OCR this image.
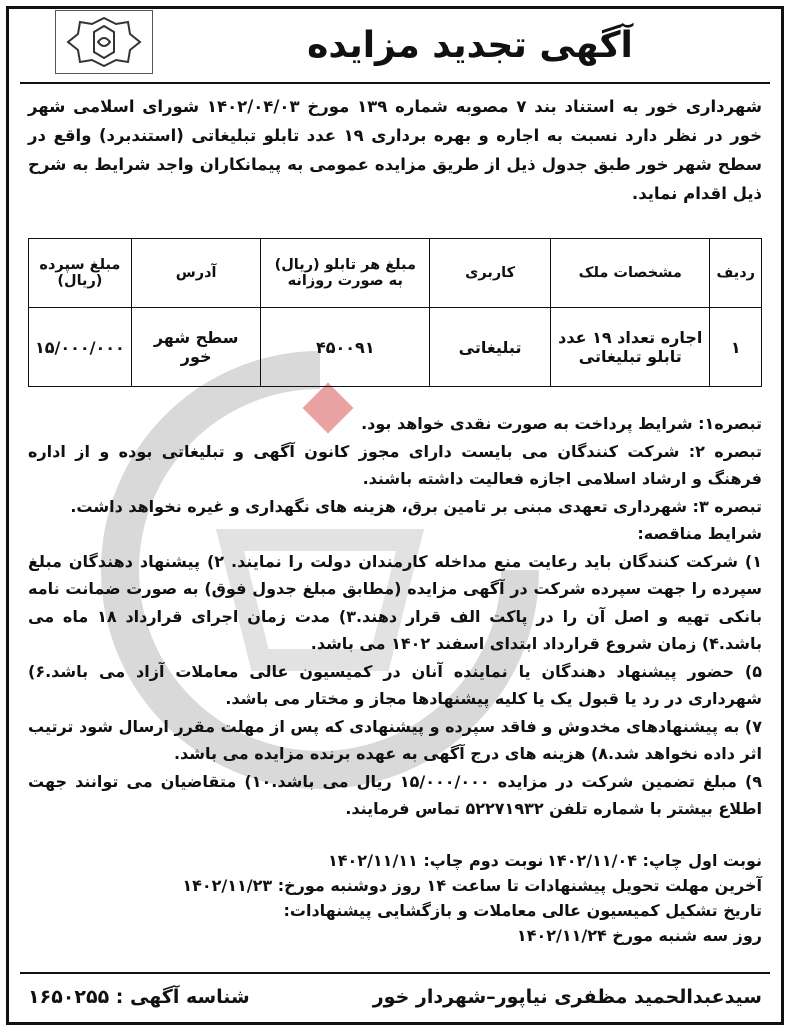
آگهی تجدید مزایده

شهرداری خور به استناد بند ۷ مصوبه شماره ۱۳۹ مورخ ۱۴۰۲/۰۴/۰۳ شورای اسلامی شهر خور در نظر دارد نسبت به اجاره و بهره برداری ۱۹ عدد تابلو تبلیغاتی (استندبرد) واقع در سطح شهر خور طبق جدول ذیل از طریق مزایده عمومی به پیمانکاران واجد شرایط به شرح ذیل اقدام نماید.

ردیف	مشخصات ملک	کاربری	مبلغ هر تابلو (ریال) به صورت روزانه	آدرس	مبلغ سپرده (ریال)
۱	اجاره تعداد ۱۹ عدد تابلو تبلیغاتی	تبلیغاتی	۴۵۰۰۹۱	سطح شهر خور	۱۵/۰۰۰/۰۰۰

تبصره۱: شرایط پرداخت به صورت نقدی خواهد بود.

تبصره ۲: شرکت کنندگان می بایست دارای مجوز کانون آگهی و تبلیغاتی بوده و از اداره فرهنگ و ارشاد اسلامی اجازه فعالیت داشته باشند.

تبصره ۳: شهرداری تعهدی مبنی بر تامین برق، هزینه های نگهداری و غیره نخواهد داشت.

شرایط مناقصه:

۱) شرکت کنندگان باید رعایت منع مداخله کارمندان دولت را نمایند. ۲) پیشنهاد دهندگان مبلغ سپرده را جهت سپرده شرکت در آگهی مزایده (مطابق مبلغ جدول فوق) به صورت ضمانت نامه بانکی تهیه و اصل آن را در پاکت الف قرار دهند.۳) مدت زمان اجرای قرارداد ۱۸ ماه می باشد.۴) زمان شروع قرارداد ابتدای اسفند ۱۴۰۲ می باشد.

۵) حضور پیشنهاد دهندگان یا نماینده آنان در کمیسیون عالی معاملات آزاد می باشد.۶) شهرداری در رد یا قبول یک یا کلیه پیشنهادها مجاز و مختار می باشد.

۷) به پیشنهادهای مخدوش و فاقد سپرده و پیشنهادی که پس از مهلت مقرر ارسال شود ترتیب اثر داده نخواهد شد.۸) هزینه های درج آگهی به عهده برنده مزایده می باشد.

۹) مبلغ تضمین شرکت در مزایده ۱۵/۰۰۰/۰۰۰ ریال می باشد.۱۰) متقاضیان می توانند جهت اطلاع بیشتر با شماره تلفن ۵۲۲۷۱۹۳۲ تماس فرمایند.

نوبت اول چاپ: ۱۴۰۲/۱۱/۰۴
نوبت دوم چاپ: ۱۴۰۲/۱۱/۱۱

آخرین مهلت تحویل پیشنهادات تا ساعت ۱۴ روز دوشنبه مورخ: ۱۴۰۲/۱۱/۲۳

تاریخ تشکیل کمیسیون عالی معاملات و بازگشایی پیشنهادات:

روز سه شنبه مورخ ۱۴۰۲/۱۱/۲۴

سیدعبدالحمید مظفری نیاپور–شهردار خور
شناسه آگهی : ۱۶۵۰۲۵۵
